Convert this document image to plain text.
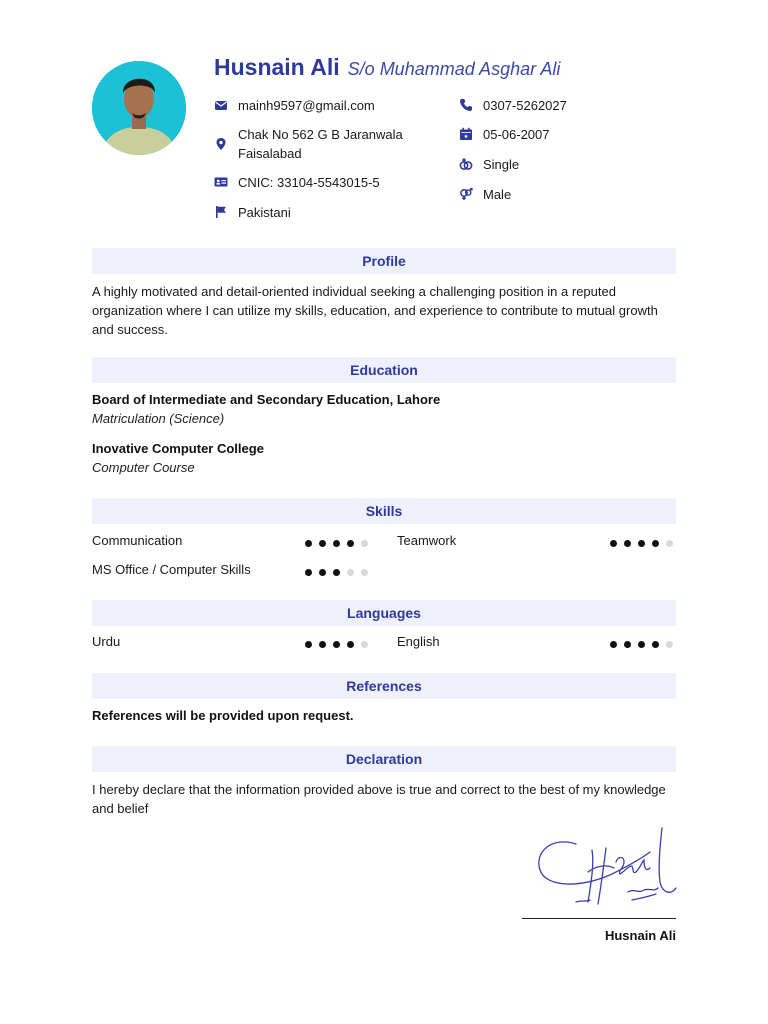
Husnain Ali S/o Muhammad Asghar Ali
mainh9597@gmail.com
Chak No 562 G B Jaranwala
Faisalabad
CNIC: 33104-5543015-5
Pakistani
0307-5262027
05-06-2007
Single
Male
Profile
A highly motivated and detail-oriented individual seeking a challenging position in a reputed organization where I can utilize my skills, education, and experience to contribute to mutual growth and success.
Education
Board of Intermediate and Secondary Education, Lahore
Matriculation (Science)
Inovative Computer College
Computer Course
Skills
Communication	Teamwork
MS Office / Computer Skills
Languages
Urdu	English
References
References will be provided upon request.
Declaration
I hereby declare that the information provided above is true and correct to the best of my knowledge and belief
Husnain Ali
